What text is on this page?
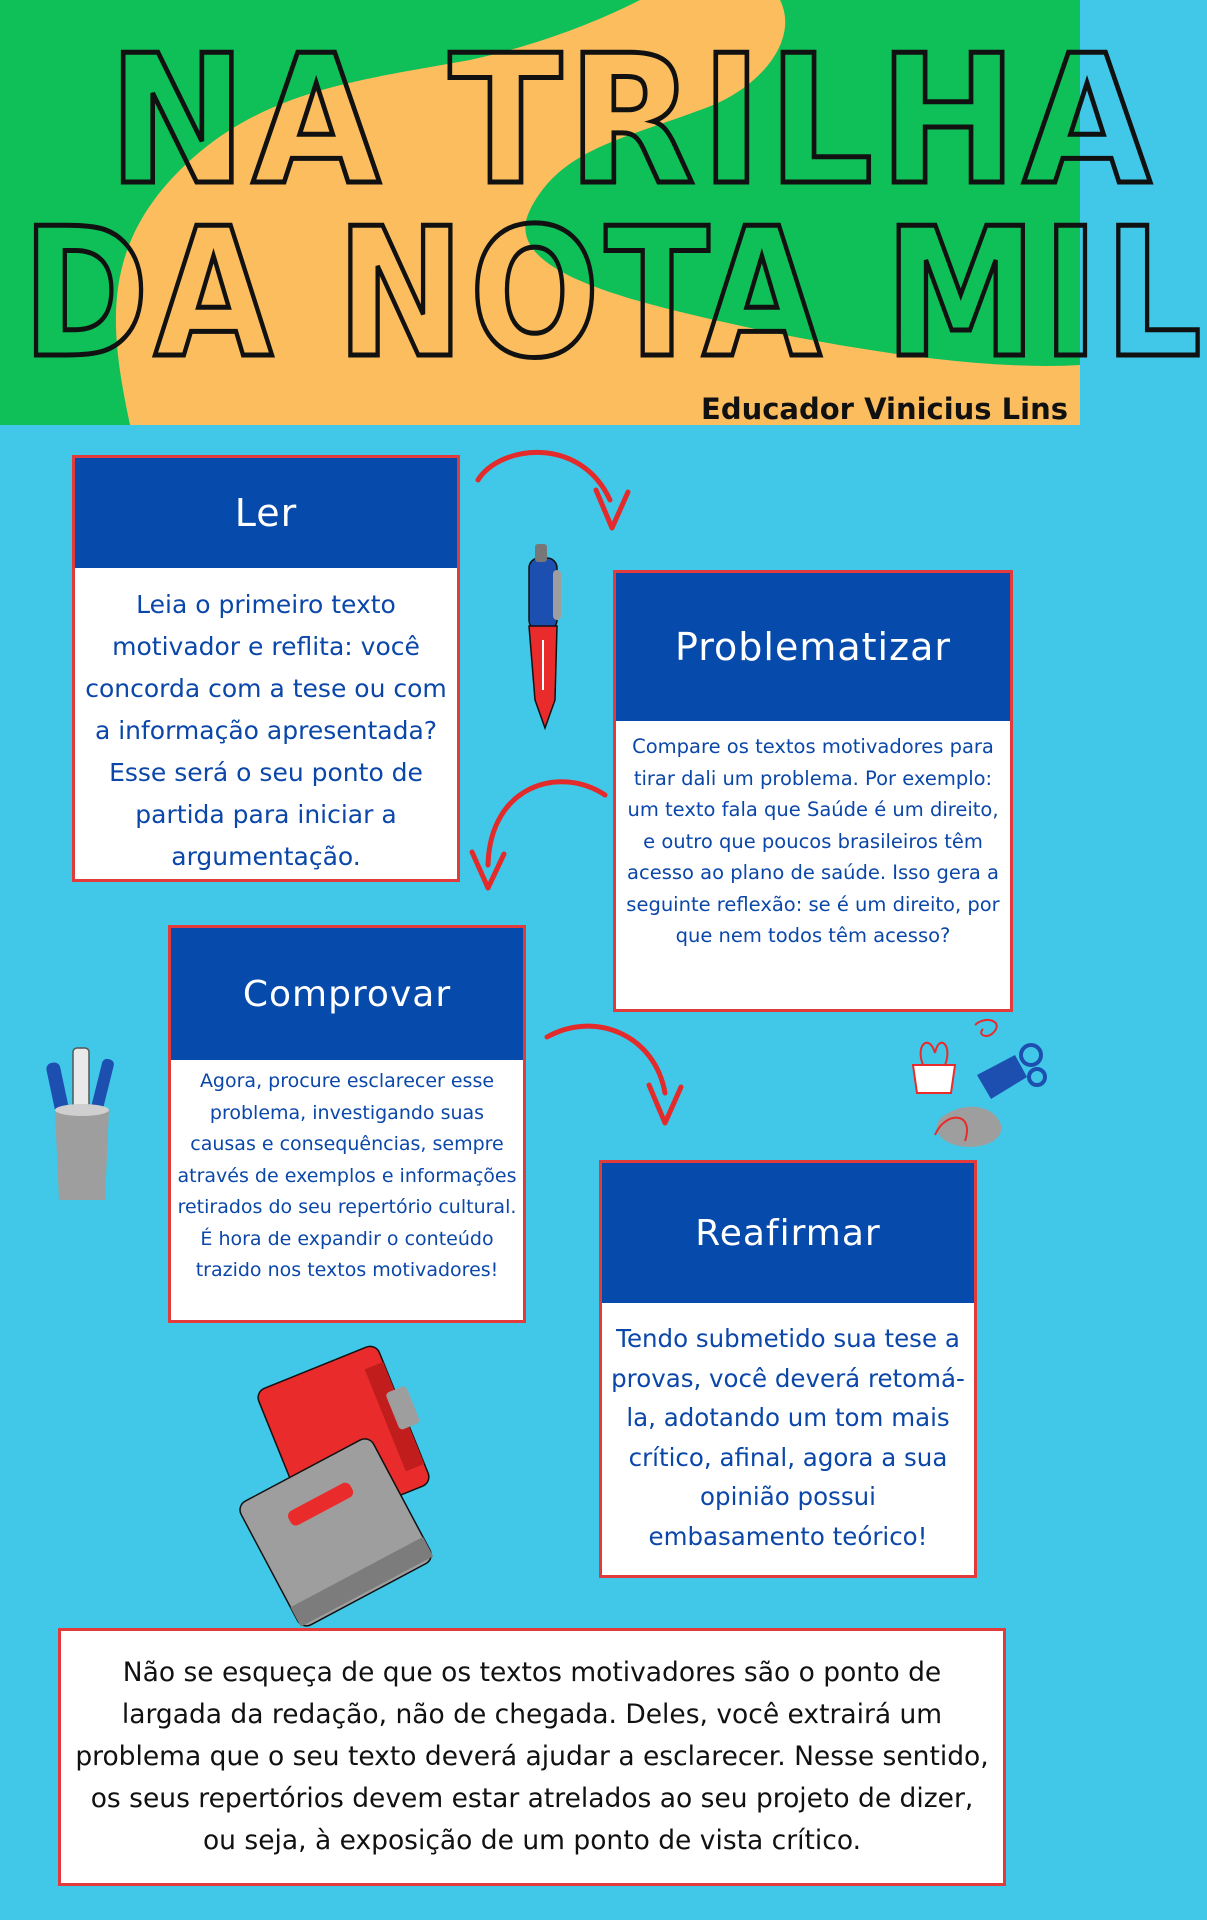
NA TRILHA
DA NOTA MIL
Educador Vinicius Lins
Ler
Leia o primeiro texto motivador e reflita: você concorda com a tese ou com a informação apresentada? Esse será o seu ponto de partida para iniciar a argumentação.
Problematizar
Compare os textos motivadores para tirar dali um problema. Por exemplo: um texto fala que Saúde é um direito, e outro que poucos brasileiros têm acesso ao plano de saúde. Isso gera a seguinte reflexão: se é um direito, por que nem todos têm acesso?
Comprovar
Agora, procure esclarecer esse problema, investigando suas causas e consequências, sempre através de exemplos e informações retirados do seu repertório cultural. É hora de expandir o conteúdo trazido nos textos motivadores!
Reafirmar
Tendo submetido sua tese a provas, você deverá retomá-la, adotando um tom mais crítico, afinal, agora a sua opinião possui embasamento teórico!
Não se esqueça de que os textos motivadores são o ponto de largada da redação, não de chegada. Deles, você extrairá um problema que o seu texto deverá ajudar a esclarecer. Nesse sentido, os seus repertórios devem estar atrelados ao seu projeto de dizer, ou seja, à exposição de um ponto de vista crítico.
